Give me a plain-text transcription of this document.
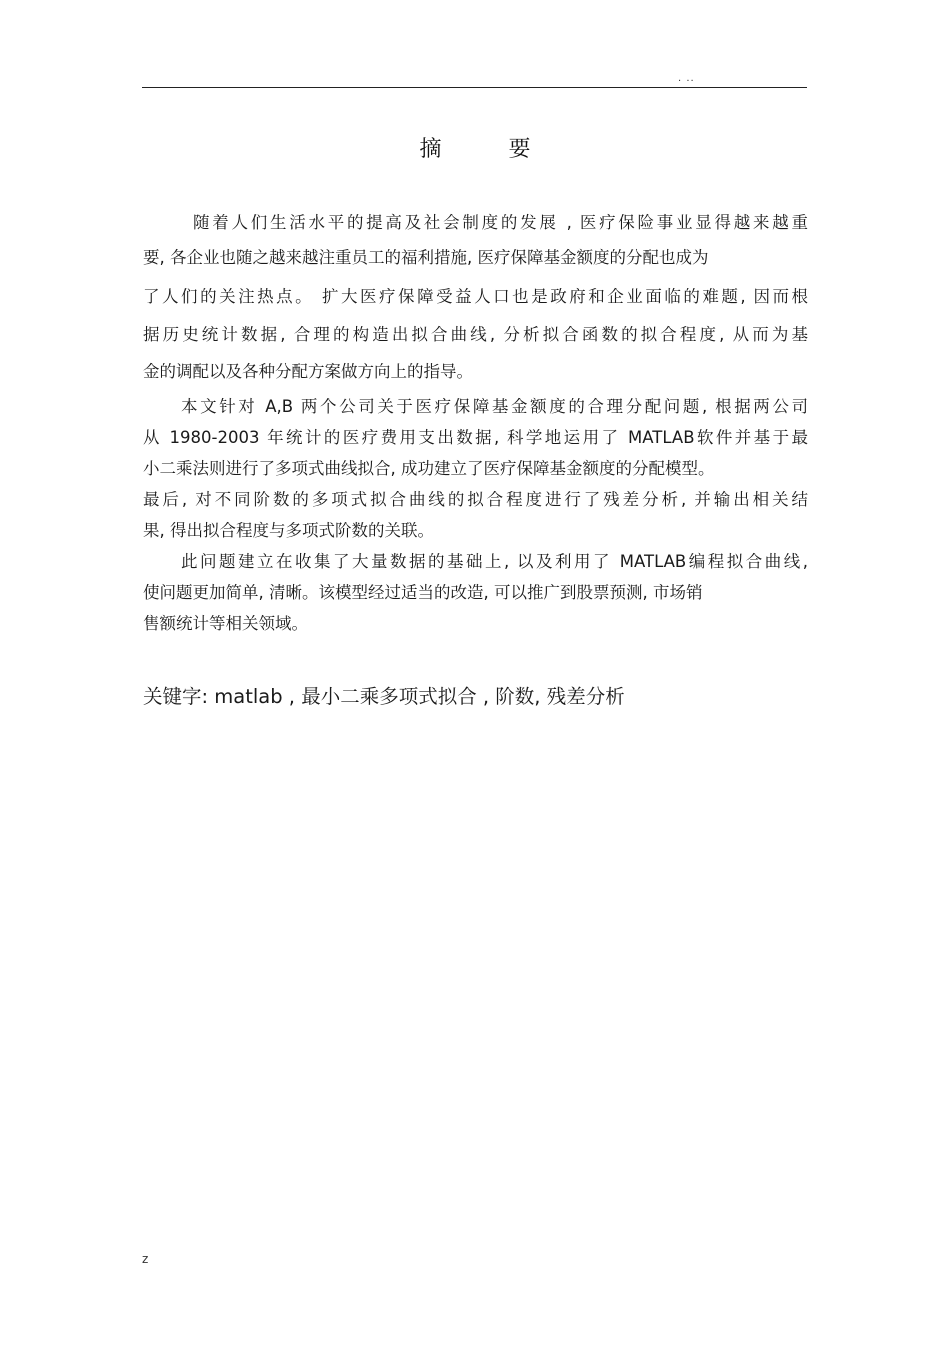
. ..
摘 要
随着人们生活水平的提高及社会制度的发展 , 医疗保险事业显得越来越重
要, 各企业也随之越来越注重员工的福利措施, 医疗保障基金额度的分配也成为
了人们的关注热点。 扩大医疗保障受益人口也是政府和企业面临的难题, 因而根
据历史统计数据, 合理的构造出拟合曲线, 分析拟合函数的拟合程度, 从而为基
金的调配以及各种分配方案做方向上的指导。
本文针对 A,B 两个公司关于医疗保障基金额度的合理分配问题, 根据两公司
从 1980-2003 年统计的医疗费用支出数据, 科学地运用了 MATLAB软件并基于最
小二乘法则进行了多项式曲线拟合, 成功建立了医疗保障基金额度的分配模型。
最后, 对不同阶数的多项式拟合曲线的拟合程度进行了残差分析, 并输出相关结
果, 得出拟合程度与多项式阶数的关联。
此问题建立在收集了大量数据的基础上, 以及利用了 MATLAB编程拟合曲线,
使问题更加简单, 清晰。该模型经过适当的改造, 可以推广到股票预测, 市场销
售额统计等相关领域。
关键字: matlab , 最小二乘多项式拟合 , 阶数, 残差分析
z
